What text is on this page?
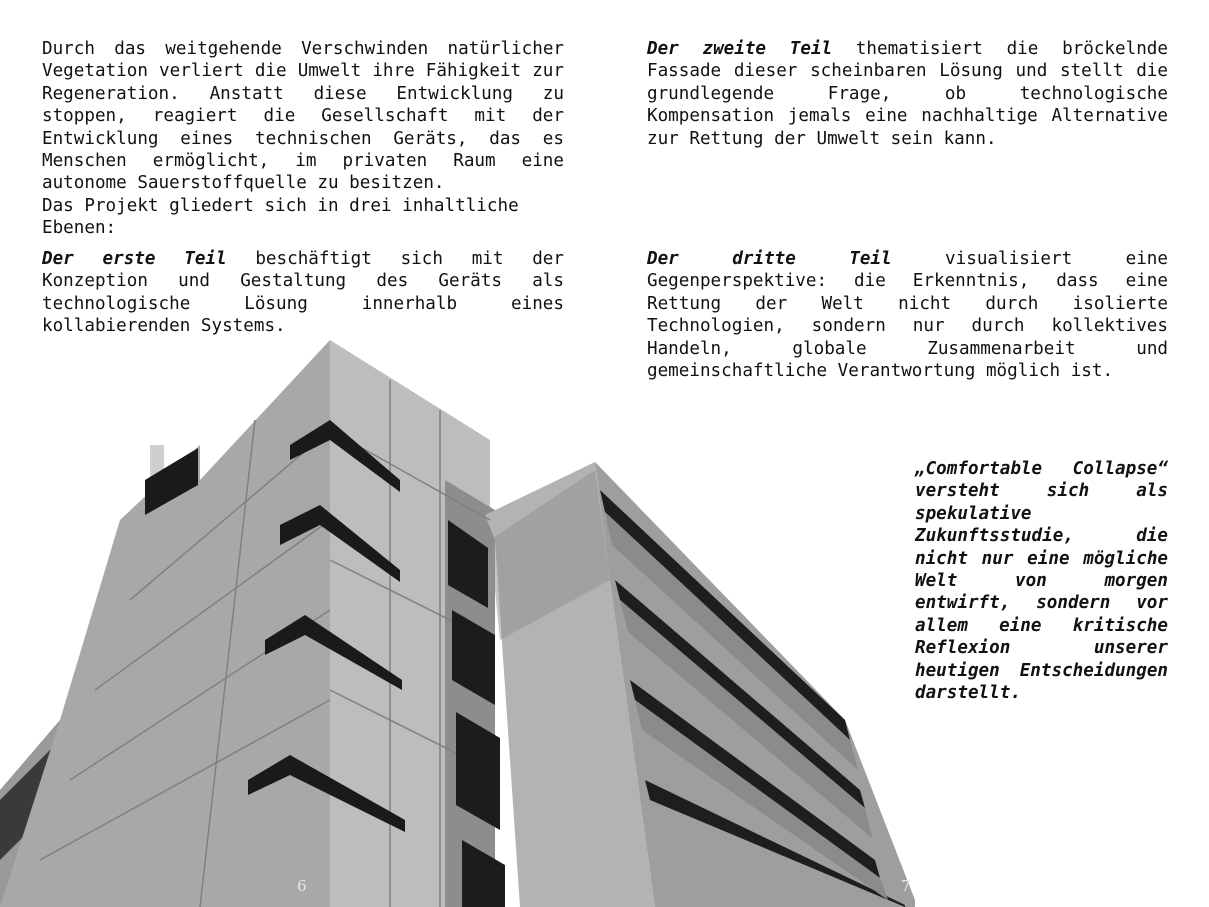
Durch das weitgehende Verschwinden natürlicher Vegetation verliert die Umwelt ihre Fähigkeit zur Regeneration. Anstatt diese Entwicklung zu stoppen, reagiert die Gesellschaft mit der Entwicklung eines technischen Geräts, das es Menschen ermöglicht, im privaten Raum eine autonome Sauerstoffquelle zu besitzen.

Das Projekt gliedert sich in drei inhaltliche Ebenen:

Der erste Teil beschäftigt sich mit der Konzeption und Gestaltung des Geräts als technologische Lösung innerhalb eines kollabierenden Systems.

Der zweite Teil thematisiert die bröckelnde Fassade dieser scheinbaren Lösung und stellt die grundlegende Frage, ob technologische Kompensation jemals eine nachhaltige Alternative zur Rettung der Umwelt sein kann.

Der dritte Teil visualisiert eine Gegenperspektive: die Erkenntnis, dass eine Rettung der Welt nicht durch isolierte Technologien, sondern nur durch kollektives Handeln, globale Zusammenarbeit und gemeinschaftliche Verantwortung möglich ist.

„Comfortable Collapse“ versteht sich als spekulative Zukunftsstudie, die nicht nur eine mögliche Welt von morgen entwirft, sondern vor allem eine kritische Reflexion unserer heutigen Entscheidungen darstellt.
6	7
